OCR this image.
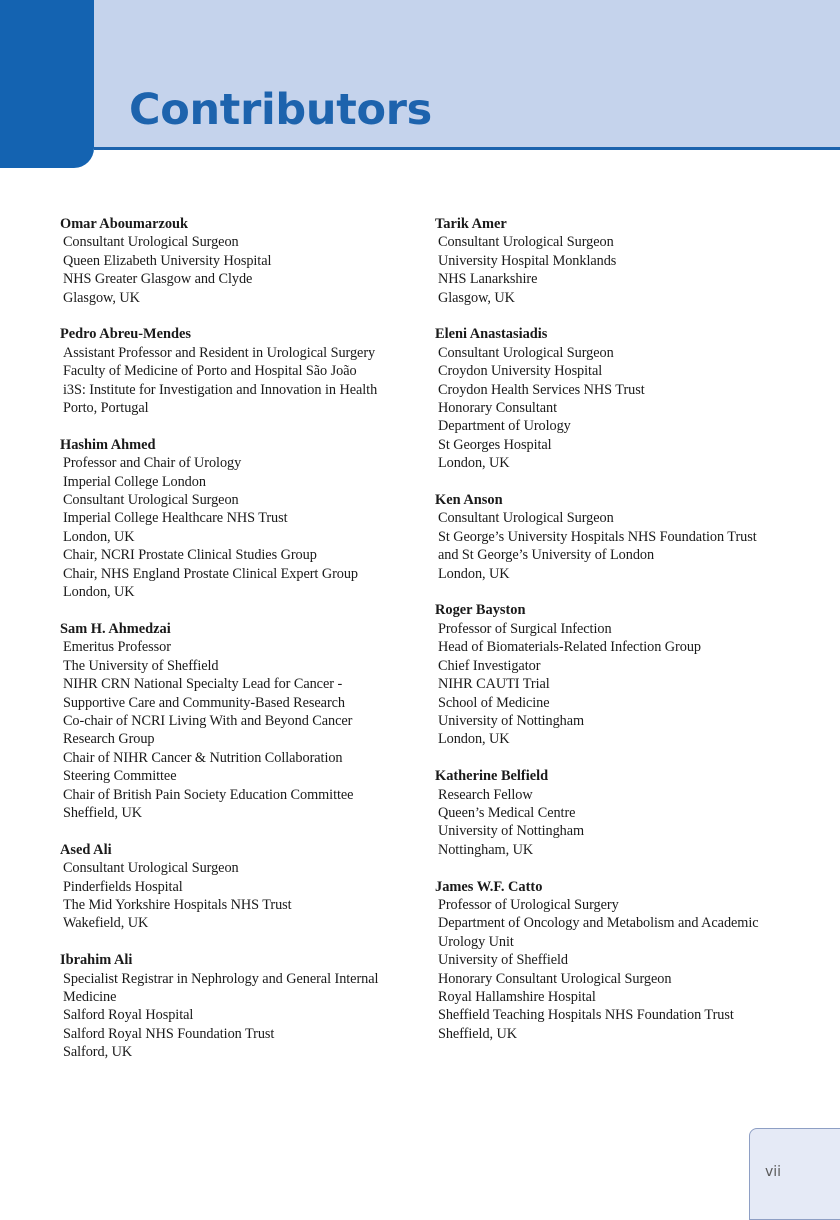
Contributors
Omar Aboumarzouk
Consultant Urological Surgeon
Queen Elizabeth University Hospital
NHS Greater Glasgow and Clyde
Glasgow, UK
Pedro Abreu-Mendes
Assistant Professor and Resident in Urological Surgery
Faculty of Medicine of Porto and Hospital São João
i3S: Institute for Investigation and Innovation in Health
Porto, Portugal
Hashim Ahmed
Professor and Chair of Urology
Imperial College London
Consultant Urological Surgeon
Imperial College Healthcare NHS Trust
London, UK
Chair, NCRI Prostate Clinical Studies Group
Chair, NHS England Prostate Clinical Expert Group
London, UK
Sam H. Ahmedzai
Emeritus Professor
The University of Sheffield
NIHR CRN National Specialty Lead for Cancer -
Supportive Care and Community-Based Research
Co-chair of NCRI Living With and Beyond Cancer
Research Group
Chair of NIHR Cancer & Nutrition Collaboration
Steering Committee
Chair of British Pain Society Education Committee
Sheffield, UK
Ased Ali
Consultant Urological Surgeon
Pinderfields Hospital
The Mid Yorkshire Hospitals NHS Trust
Wakefield, UK
Ibrahim Ali
Specialist Registrar in Nephrology and General Internal
Medicine
Salford Royal Hospital
Salford Royal NHS Foundation Trust
Salford, UK
Tarik Amer
Consultant Urological Surgeon
University Hospital Monklands
NHS Lanarkshire
Glasgow, UK
Eleni Anastasiadis
Consultant Urological Surgeon
Croydon University Hospital
Croydon Health Services NHS Trust
Honorary Consultant
Department of Urology
St Georges Hospital
London, UK
Ken Anson
Consultant Urological Surgeon
St George’s University Hospitals NHS Foundation Trust
and St George’s University of London
London, UK
Roger Bayston
Professor of Surgical Infection
Head of Biomaterials-Related Infection Group
Chief Investigator
NIHR CAUTI Trial
School of Medicine
University of Nottingham
London, UK
Katherine Belfield
Research Fellow
Queen’s Medical Centre
University of Nottingham
Nottingham, UK
James W.F. Catto
Professor of Urological Surgery
Department of Oncology and Metabolism and Academic
Urology Unit
University of Sheffield
Honorary Consultant Urological Surgeon
Royal Hallamshire Hospital
Sheffield Teaching Hospitals NHS Foundation Trust
Sheffield, UK
vii
